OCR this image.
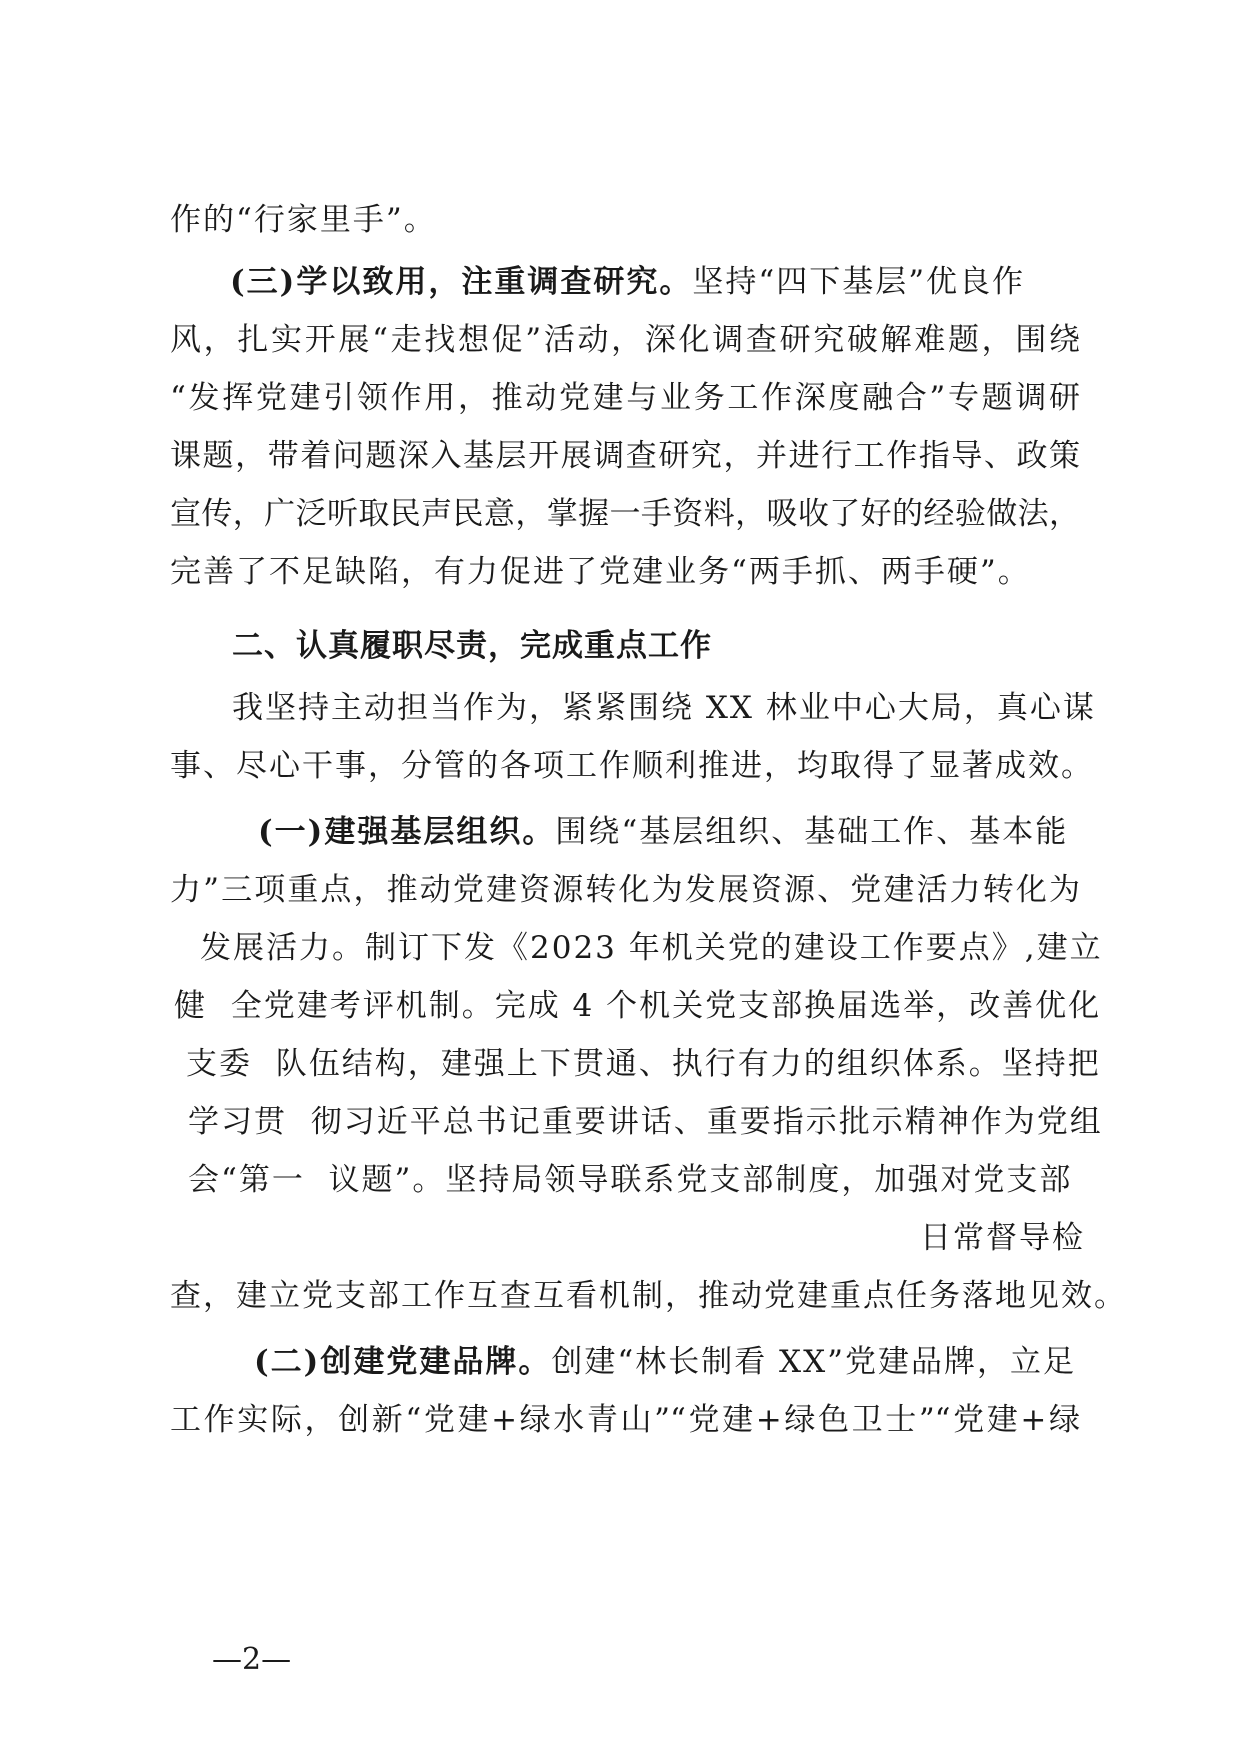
作的“行家里手”。
(三)学以致用，注重调查研究。坚持“四下基层”优良作
风，扎实开展“走找想促”活动，深化调查研究破解难题，围绕
“发挥党建引领作用，推动党建与业务工作深度融合”专题调研
课题，带着问题深入基层开展调查研究，并进行工作指导、政策
宣传，广泛听取民声民意，掌握一手资料，吸收了好的经验做法，
完善了不足缺陷，有力促进了党建业务“两手抓、两手硬”。
二、认真履职尽责，完成重点工作
我坚持主动担当作为，紧紧围绕 XX 林业中心大局，真心谋
事、尽心干事，分管的各项工作顺利推进，均取得了显著成效。
(一)建强基层组织。围绕“基层组织、基础工作、基本能
力”三项重点，推动党建资源转化为发展资源、党建活力转化为
发展活力。制订下发《2023 年机关党的建设工作要点》,建立
健  全党建考评机制。完成 4 个机关党支部换届选举，改善优化
支委  队伍结构，建强上下贯通、执行有力的组织体系。坚持把
学习贯  彻习近平总书记重要讲话、重要指示批示精神作为党组
会“第一  议题”。坚持局领导联系党支部制度，加强对党支部
日常督导检
查，建立党支部工作互查互看机制，推动党建重点任务落地见效。
(二)创建党建品牌。创建“林长制看 XX”党建品牌，立足
工作实际，创新“党建+绿水青山”“党建+绿色卫士”“党建+绿
—2—
